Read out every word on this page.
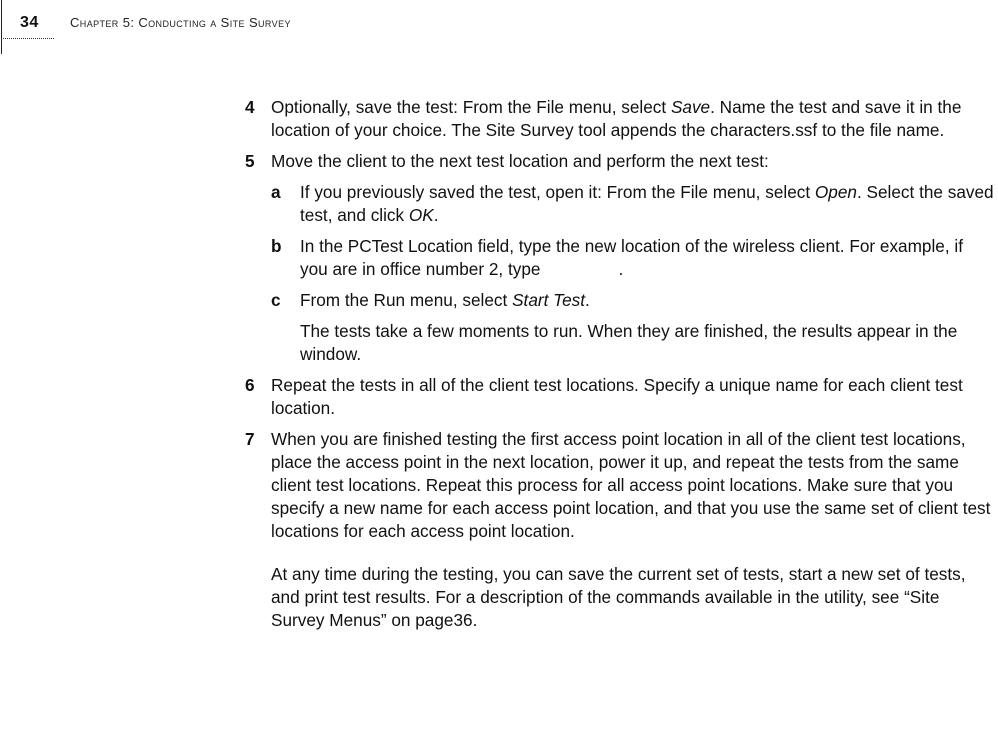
34 Chapter 5: Conducting a Site Survey
4 Optionally, save the test: From the File menu, select Save. Name the test and save it in the location of your choice. The Site Survey tool appends the characters.ssf to the file name.
5 Move the client to the next test location and perform the next test:
a If you previously saved the test, open it: From the File menu, select Open. Select the saved test, and click OK.
b In the PCTest Location field, type the new location of the wireless client. For example, if you are in office number 2, type	.
c From the Run menu, select Start Test.
The tests take a few moments to run. When they are finished, the results appear in the window.
6 Repeat the tests in all of the client test locations. Specify a unique name for each client test location.
7 When you are finished testing the first access point location in all of the client test locations, place the access point in the next location, power it up, and repeat the tests from the same client test locations. Repeat this process for all access point locations. Make sure that you specify a new name for each access point location, and that you use the same set of client test locations for each access point location.
At any time during the testing, you can save the current set of tests, start a new set of tests, and print test results. For a description of the commands available in the utility, see “Site Survey Menus” on page36.
